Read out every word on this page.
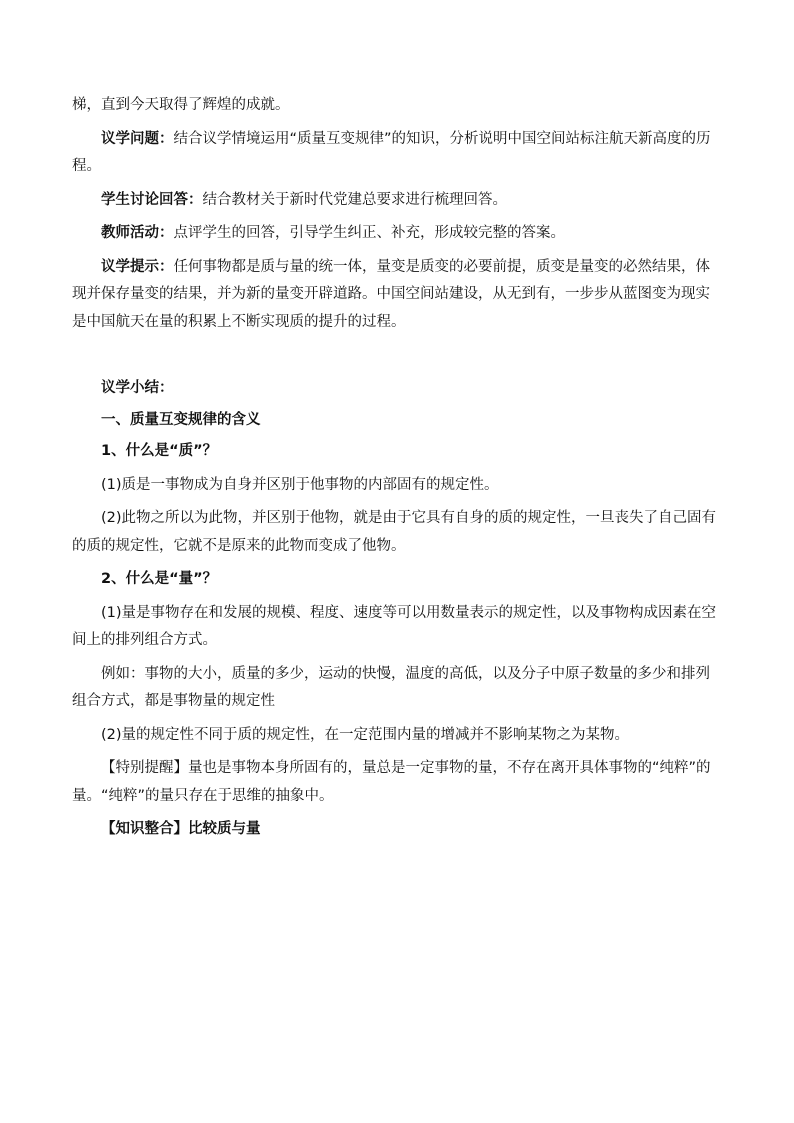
梯，直到今天取得了辉煌的成就。

议学问题：结合议学情境运用“质量互变规律”的知识，分析说明中国空间站标注航天新高度的历程。

学生讨论回答：结合教材关于新时代党建总要求进行梳理回答。

教师活动：点评学生的回答，引导学生纠正、补充，形成较完整的答案。

议学提示：任何事物都是质与量的统一体，量变是质变的必要前提，质变是量变的必然结果，体现并保存量变的结果，并为新的量变开辟道路。中国空间站建设，从无到有，一步步从蓝图变为现实是中国航天在量的积累上不断实现质的提升的过程。

议学小结：

一、质量互变规律的含义

1、什么是“质”？

(1)质是一事物成为自身并区别于他事物的内部固有的规定性。

(2)此物之所以为此物，并区别于他物，就是由于它具有自身的质的规定性，一旦丧失了自己固有的质的规定性，它就不是原来的此物而变成了他物。

2、什么是“量”？

(1)量是事物存在和发展的规模、程度、速度等可以用数量表示的规定性，以及事物构成因素在空间上的排列组合方式。

例如：事物的大小，质量的多少，运动的快慢，温度的高低，以及分子中原子数量的多少和排列组合方式，都是事物量的规定性

(2)量的规定性不同于质的规定性，在一定范围内量的增减并不影响某物之为某物。

【特别提醒】量也是事物本身所固有的，量总是一定事物的量，不存在离开具体事物的“纯粹”的量。“纯粹”的量只存在于思维的抽象中。

【知识整合】比较质与量
